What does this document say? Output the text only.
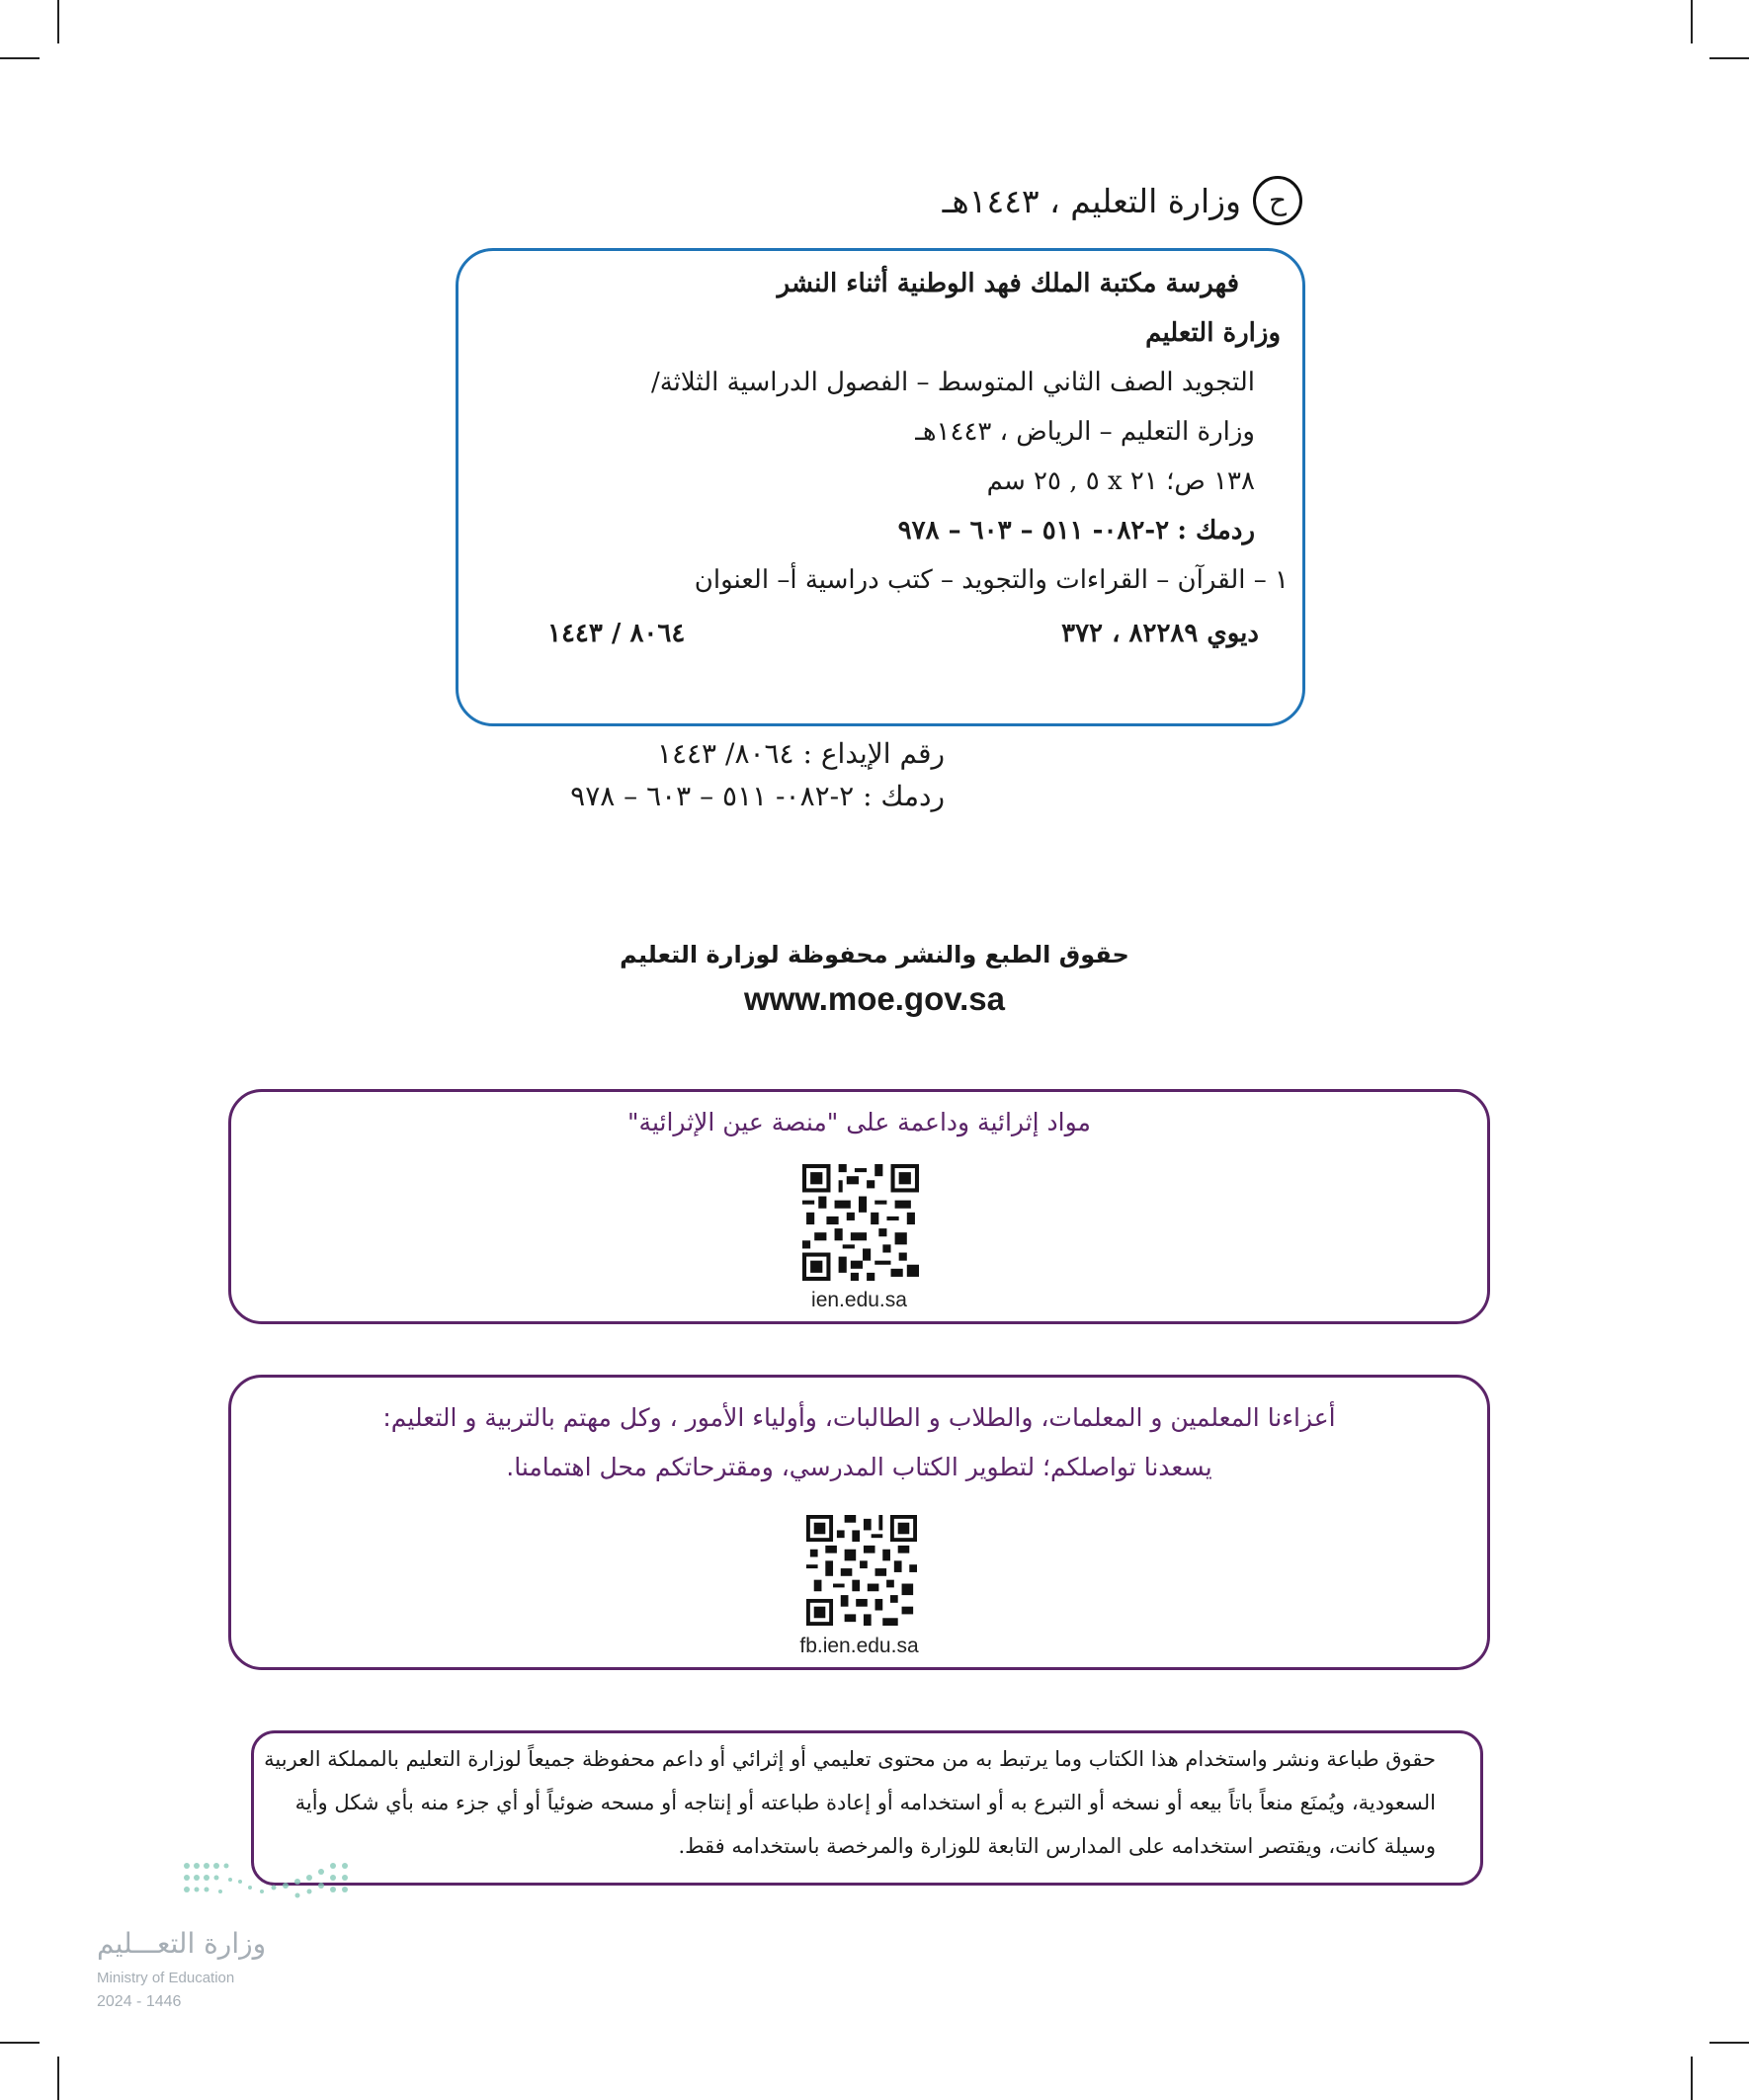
ح
وزارة التعليم ، ١٤٤٣هـ
فهرسة مكتبة الملك فهد الوطنية أثناء النشر
وزارة التعليم
التجويد الصف الثاني المتوسط – الفصول الدراسية الثلاثة/
وزارة التعليم – الرياض ، ١٤٤٣هـ
١٣٨ ص؛ ٢١ x ٥ , ٢٥ سم
ردمك : ٢-٠٨٢- ٥١١ – ٦٠٣ – ٩٧٨
١ – القرآن – القراءات والتجويد – كتب دراسية أ– العنوان
ديوي ٨٢٢٨٩ ، ٣٧٢
٨٠٦٤ / ١٤٤٣
رقم الإيداع : ٨٠٦٤/ ١٤٤٣
ردمك : ٢-٠٨٢- ٥١١ – ٦٠٣ – ٩٧٨
حقوق الطبع والنشر محفوظة لوزارة التعليم
www.moe.gov.sa
مواد إثرائية وداعمة على "منصة عين الإثرائية"
ien.edu.sa
أعزاءنا المعلمين و المعلمات، والطلاب و الطالبات، وأولياء الأمور ، وكل مهتم بالتربية و التعليم:
يسعدنا تواصلكم؛ لتطوير الكتاب المدرسي، ومقترحاتكم محل اهتمامنا.
fb.ien.edu.sa
حقوق طباعة ونشر واستخدام هذا الكتاب وما يرتبط به من محتوى تعليمي أو إثرائي أو داعم محفوظة جميعاً لوزارة التعليم بالمملكة العربية
السعودية، ويُمنَع منعاً باتاً بيعه أو نسخه أو التبرع به أو استخدامه أو إعادة طباعته أو إنتاجه أو مسحه ضوئياً أو أي جزء منه بأي شكل وأية
وسيلة كانت، ويقتصر استخدامه على المدارس التابعة للوزارة والمرخصة باستخدامه فقط.
وزارة التعـــليم
Ministry of Education
2024 - 1446
